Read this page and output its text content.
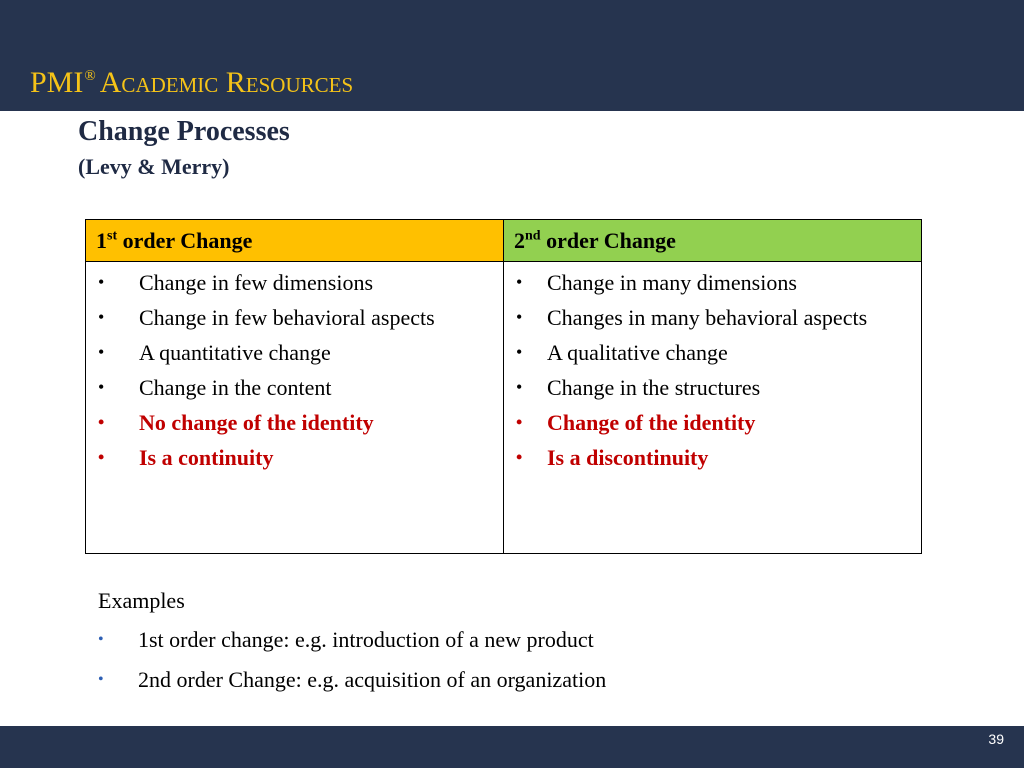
PMI® Academic Resources
Change Processes
(Levy & Merry)
1st order Change
• Change in few dimensions
• Change in few behavioral aspects
• A quantitative change
• Change in the content
• No change of the identity
• Is a continuity
2nd order Change
• Change in many dimensions
• Changes in many behavioral aspects
• A qualitative change
• Change in the structures
• Change of the identity
• Is a discontinuity
Examples
• 1st order change: e.g. introduction of a new product
• 2nd order Change: e.g. acquisition of an organization
39
